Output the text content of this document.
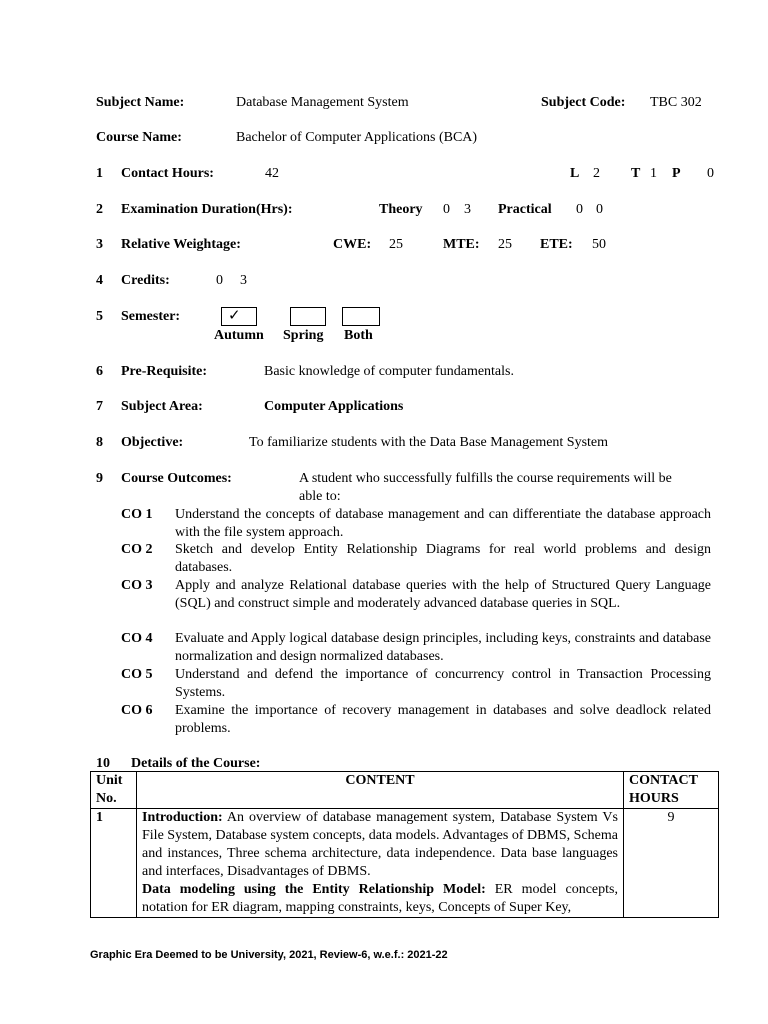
Subject Name:	Database Management System	Subject Code: TBC 302
Course Name:	Bachelor of Computer Applications (BCA)
1 Contact Hours:	42	L 2 T 1 P 0
2 Examination Duration(Hrs):	Theory 0 3 Practical 0 0
3 Relative Weightage:	CWE: 25	MTE: 25 ETE: 50
4 Credits:	0 3
5 Semester:	✓
Autumn Spring Both
6 Pre-Requisite:	Basic knowledge of computer fundamentals.
7 Subject Area:	Computer Applications
8 Objective:	To familiarize students with the Data Base Management System
9 Course Outcomes:	A student who successfully fulfills the course requirements will be
able to:
CO 1 Understand the concepts of database management and can differentiate the database approach with the file system approach.
CO 2 Sketch and develop Entity Relationship Diagrams for real world problems and design databases.
CO 3 Apply and analyze Relational database queries with the help of Structured Query Language (SQL) and construct simple and moderately advanced database queries in SQL.
CO 4 Evaluate and Apply logical database design principles, including keys, constraints and database normalization and design normalized databases.
CO 5 Understand and defend the importance of concurrency control in Transaction Processing Systems.
CO 6 Examine the importance of recovery management in databases and solve deadlock related problems.
10 Details of the Course:
Unit No.	CONTENT	CONTACT HOURS
1	Introduction: An overview of database management system, Database System Vs File System, Database system concepts, data models. Advantages of DBMS, Schema and instances, Three schema architecture, data independence. Data base languages and interfaces, Disadvantages of DBMS.
Data modeling using the Entity Relationship Model: ER model concepts, notation for ER diagram, mapping constraints, keys, Concepts of Super Key,	9
Graphic Era Deemed to be University, 2021, Review-6, w.e.f.: 2021-22
